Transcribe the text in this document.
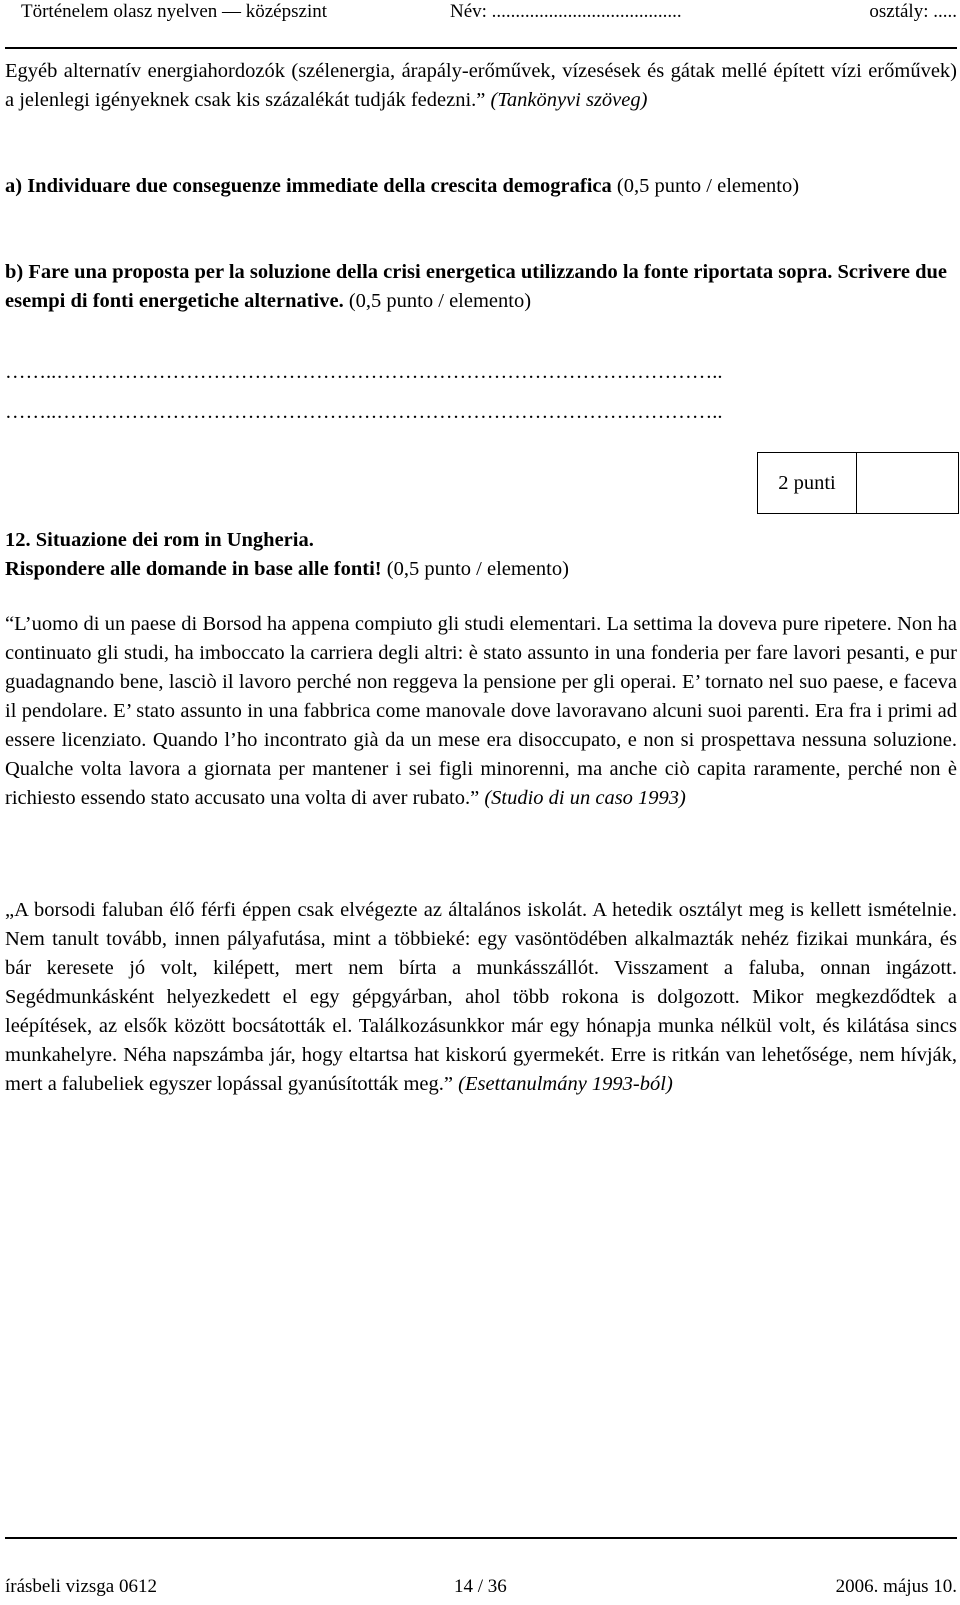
Történelem olasz nyelven — középszint	Név: ........................................	osztály: .....

Egyéb alternatív energiahordozók (szélenergia, árapály-erőművek, vízesések és gátak mellé épített vízi erőművek) a jelenlegi igényeknek csak kis százalékát tudják fedezni.” (Tankönyvi szöveg)

a) Individuare due conseguenze immediate della crescita demografica (0,5 punto / elemento)

b) Fare una proposta per la soluzione della crisi energetica utilizzando la fonte riportata sopra. Scrivere due esempi di fonti energetiche alternative. (0,5 punto / elemento)

……..……………………………………………………………………………………..
……..……………………………………………………………………………………..
2 punti

12. Situazione dei rom in Ungheria.

Rispondere alle domande in base alle fonti! (0,5 punto / elemento)

“L’uomo di un paese di Borsod ha appena compiuto gli studi elementari. La settima la doveva pure ripetere. Non ha continuato gli studi, ha imboccato la carriera degli altri: è stato assunto in una fonderia per fare lavori pesanti, e pur guadagnando bene, lasciò il lavoro perché non reggeva la pensione per gli operai. E’ tornato nel suo paese, e faceva il pendolare. E’ stato assunto in una fabbrica come manovale dove lavoravano alcuni suoi parenti. Era fra i primi ad essere licenziato. Quando l’ho incontrato già da un mese era disoccupato, e non si prospettava nessuna soluzione. Qualche volta lavora a giornata per mantener i sei figli minorenni, ma anche ciò capita raramente, perché non è richiesto essendo stato accusato una volta di aver rubato.” (Studio di un caso 1993)

„A borsodi faluban élő férfi éppen csak elvégezte az általános iskolát. A hetedik osztályt meg is kellett ismételnie. Nem tanult tovább, innen pályafutása, mint a többieké: egy vasöntödében alkalmazták nehéz fizikai munkára, és bár keresete jó volt, kilépett, mert nem bírta a munkásszállót. Visszament a faluba, onnan ingázott. Segédmunkásként helyezkedett el egy gépgyárban, ahol több rokona is dolgozott. Mikor megkezdődtek a leépítések, az elsők között bocsátották el. Találkozásunkkor már egy hónapja munka nélkül volt, és kilátása sincs munkahelyre. Néha napszámba jár, hogy eltartsa hat kiskorú gyermekét. Erre is ritkán van lehetősége, nem hívják, mert a falubeliek egyszer lopással gyanúsították meg.” (Esettanulmány 1993-ból)

írásbeli vizsga 0612	14 / 36	2006. május 10.
